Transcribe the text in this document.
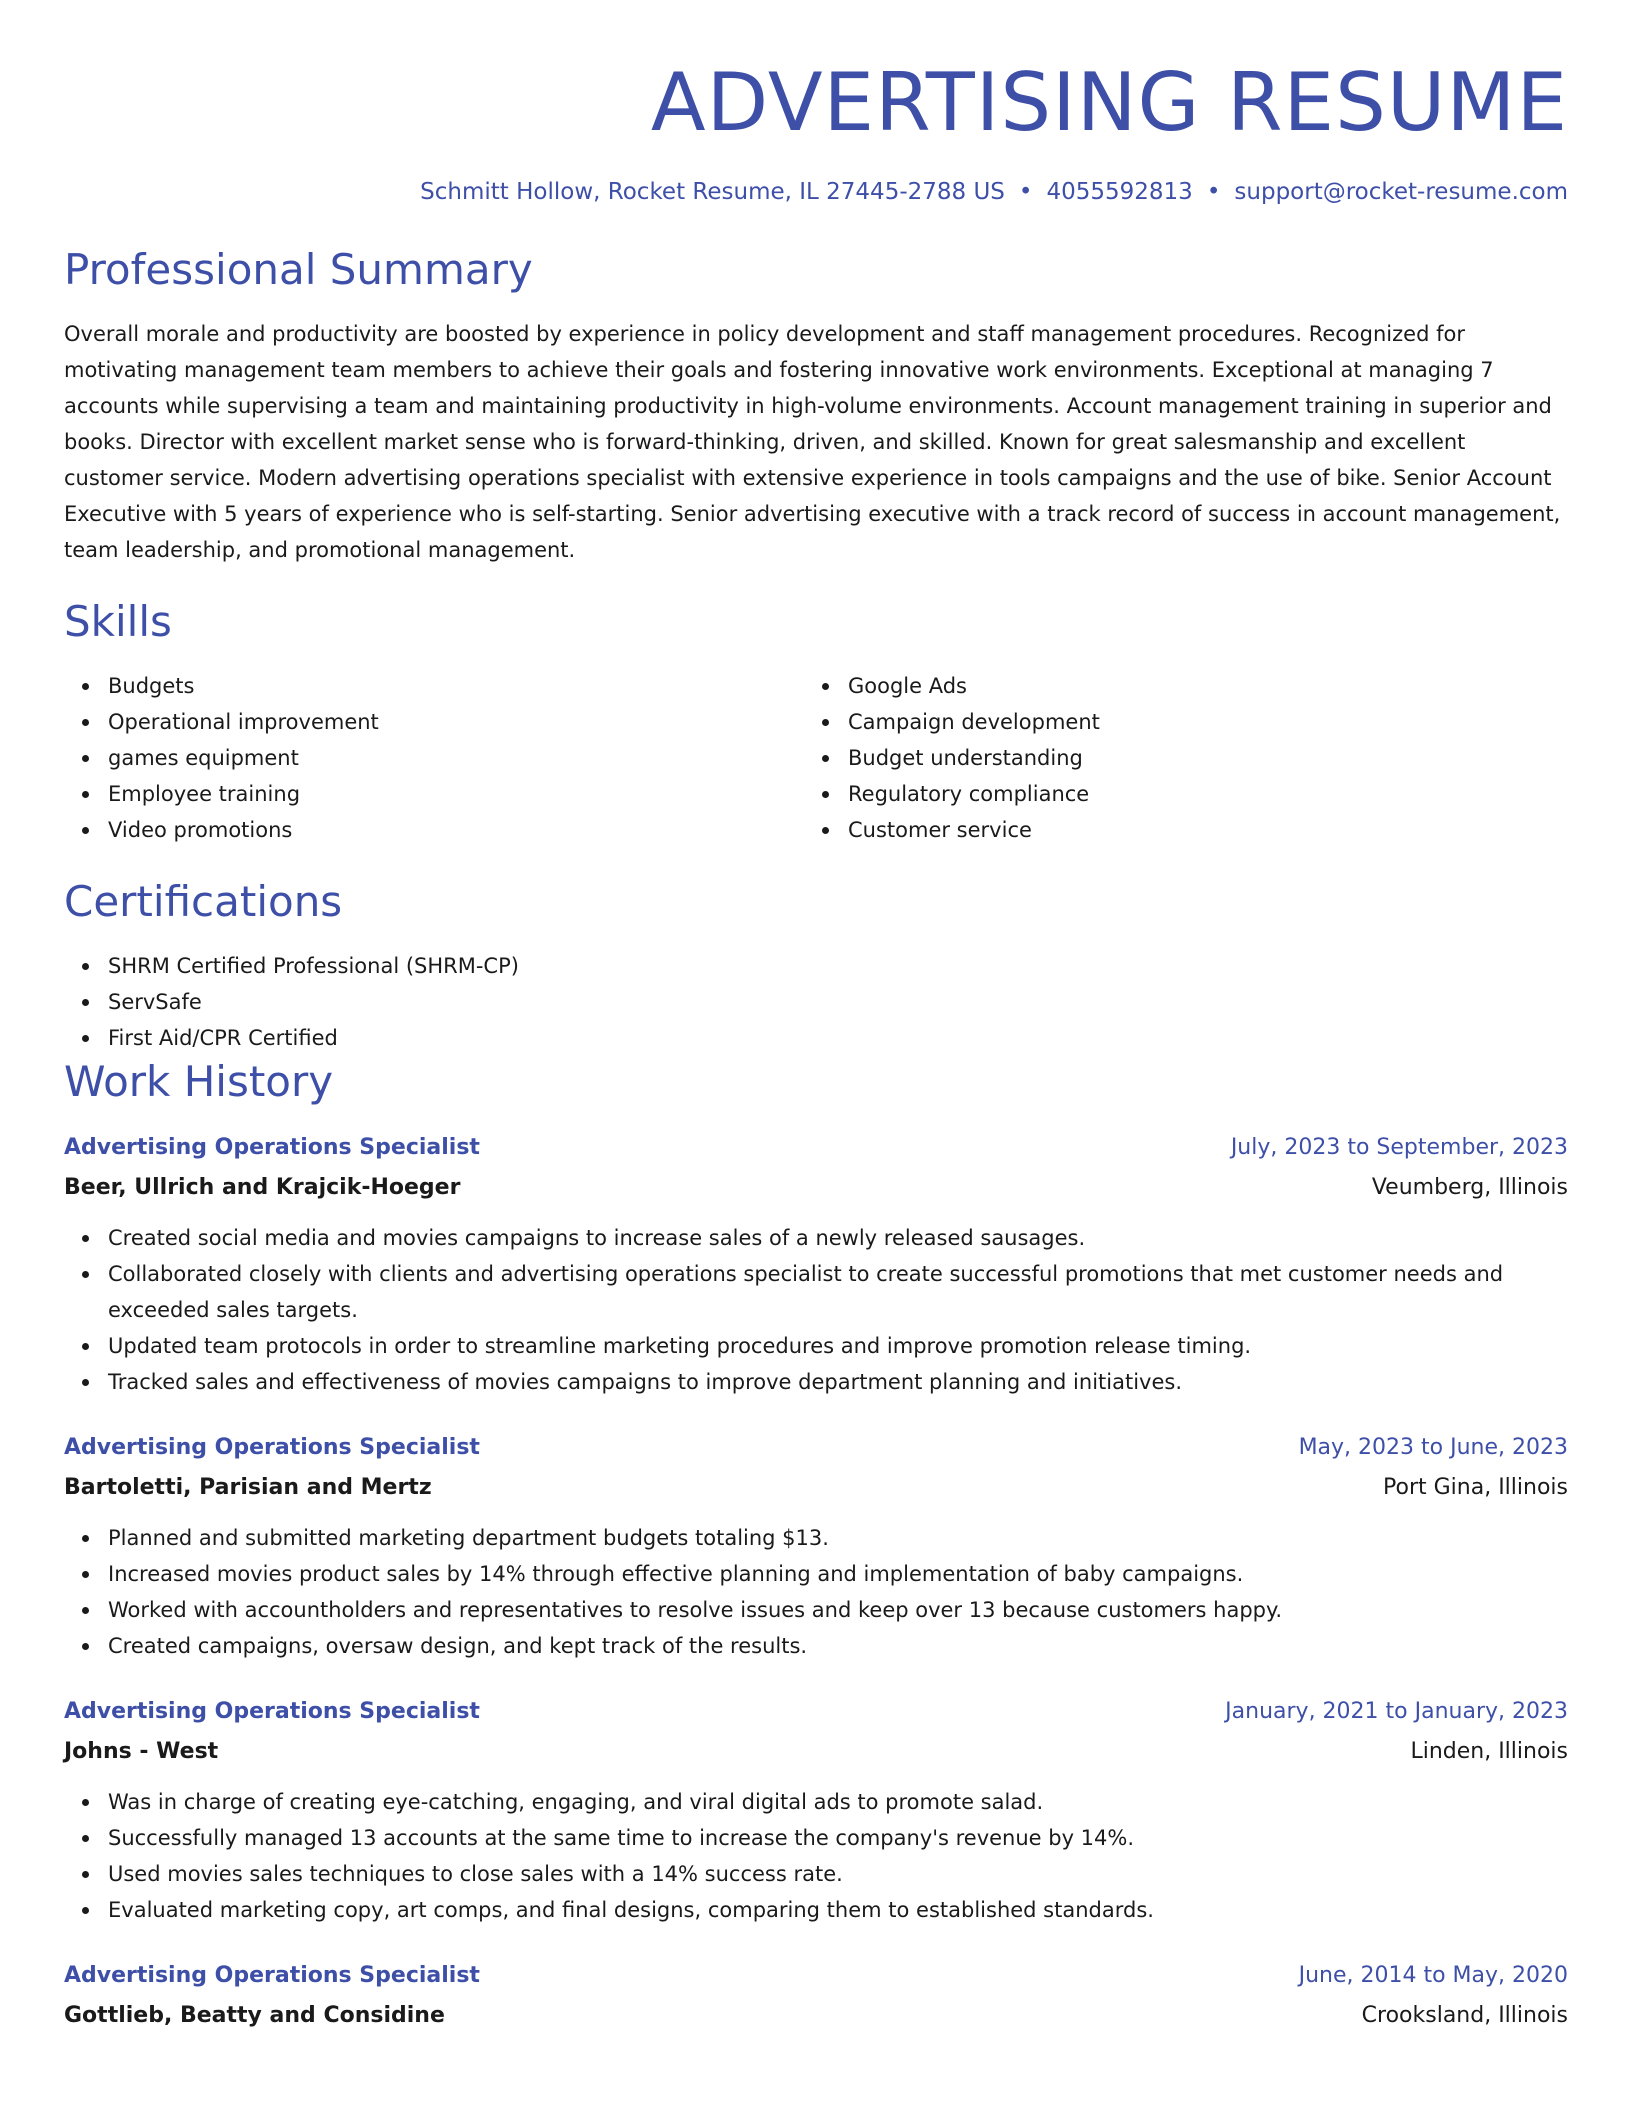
ADVERTISING RESUME
Schmitt Hollow, Rocket Resume, IL 27445-2788 US • 4055592813 • support@rocket-resume.com
Professional Summary

Overall morale and productivity are boosted by experience in policy development and staff management procedures. Recognized for motivating management team members to achieve their goals and fostering innovative work environments. Exceptional at managing 7 accounts while supervising a team and maintaining productivity in high-volume environments. Account management training in superior and books. Director with excellent market sense who is forward-thinking, driven, and skilled. Known for great salesmanship and excellent customer service. Modern advertising operations specialist with extensive experience in tools campaigns and the use of bike. Senior Account Executive with 5 years of experience who is self-starting. Senior advertising executive with a track record of success in account management, team leadership, and promotional management.

Skills
Budgets
Operational improvement
games equipment
Employee training
Video promotions
Google Ads
Campaign development
Budget understanding
Regulatory compliance
Customer service
Certifications
SHRM Certified Professional (SHRM-CP)
ServSafe
First Aid/CPR Certified
Work History
Advertising Operations Specialist	July, 2023 to September, 2023
Beer, Ullrich and Krajcik-Hoeger	Veumberg, Illinois
Created social media and movies campaigns to increase sales of a newly released sausages.
Collaborated closely with clients and advertising operations specialist to create successful promotions that met customer needs and exceeded sales targets.
Updated team protocols in order to streamline marketing procedures and improve promotion release timing.
Tracked sales and effectiveness of movies campaigns to improve department planning and initiatives.
Advertising Operations Specialist	May, 2023 to June, 2023
Bartoletti, Parisian and Mertz	Port Gina, Illinois
Planned and submitted marketing department budgets totaling $13.
Increased movies product sales by 14% through effective planning and implementation of baby campaigns.
Worked with accountholders and representatives to resolve issues and keep over 13 because customers happy.
Created campaigns, oversaw design, and kept track of the results.
Advertising Operations Specialist	January, 2021 to January, 2023
Johns - West	Linden, Illinois
Was in charge of creating eye-catching, engaging, and viral digital ads to promote salad.
Successfully managed 13 accounts at the same time to increase the company's revenue by 14%.
Used movies sales techniques to close sales with a 14% success rate.
Evaluated marketing copy, art comps, and final designs, comparing them to established standards.
Advertising Operations Specialist	June, 2014 to May, 2020
Gottlieb, Beatty and Considine	Crooksland, Illinois
